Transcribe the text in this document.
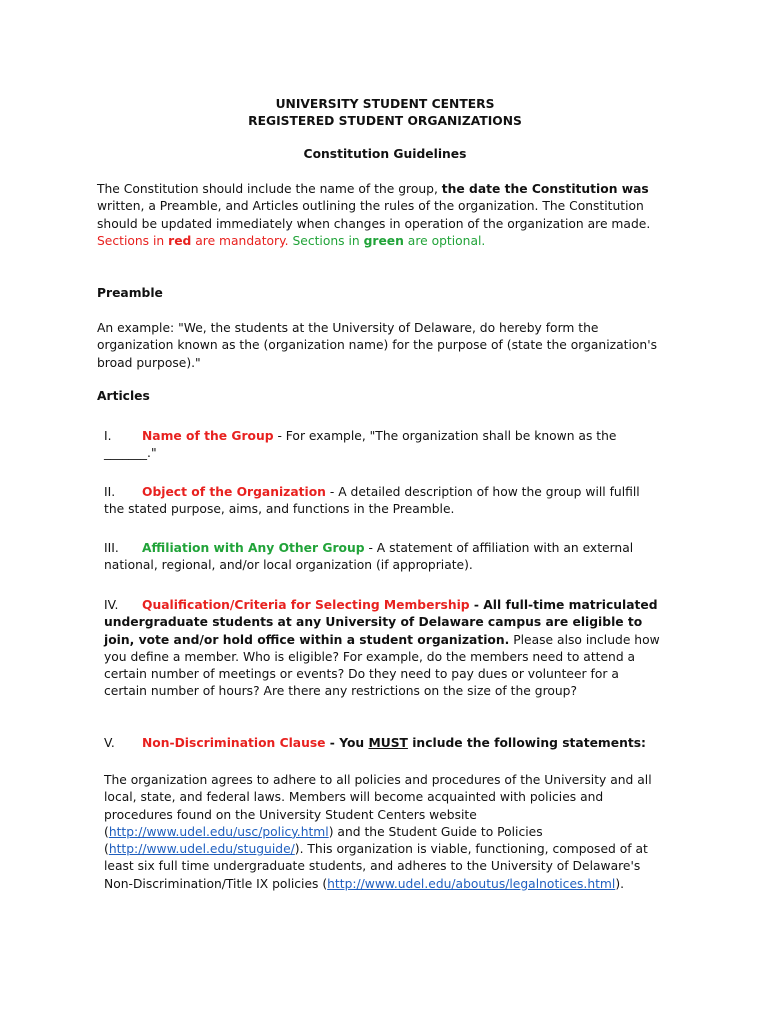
UNIVERSITY STUDENT CENTERS
REGISTERED STUDENT ORGANIZATIONS
Constitution Guidelines
The Constitution should include the name of the group, the date the Constitution was written, a Preamble, and Articles outlining the rules of the organization. The Constitution should be updated immediately when changes in operation of the organization are made. Sections in red are mandatory. Sections in green are optional.
Preamble
An example: "We, the students at the University of Delaware, do hereby form the organization known as the (organization name) for the purpose of (state the organization's broad purpose)."
Articles
I. Name of the Group - For example, "The organization shall be known as the _______."
II. Object of the Organization - A detailed description of how the group will fulfill the stated purpose, aims, and functions in the Preamble.
III. Affiliation with Any Other Group - A statement of affiliation with an external national, regional, and/or local organization (if appropriate).
IV. Qualification/Criteria for Selecting Membership - All full-time matriculated undergraduate students at any University of Delaware campus are eligible to join, vote and/or hold office within a student organization. Please also include how you define a member. Who is eligible? For example, do the members need to attend a certain number of meetings or events? Do they need to pay dues or volunteer for a certain number of hours? Are there any restrictions on the size of the group?
V. Non-Discrimination Clause - You MUST include the following statements:
The organization agrees to adhere to all policies and procedures of the University and all local, state, and federal laws. Members will become acquainted with policies and procedures found on the University Student Centers website (http://www.udel.edu/usc/policy.html) and the Student Guide to Policies (http://www.udel.edu/stuguide/). This organization is viable, functioning, composed of at least six full time undergraduate students, and adheres to the University of Delaware's Non-Discrimination/Title IX policies (http://www.udel.edu/aboutus/legalnotices.html).
